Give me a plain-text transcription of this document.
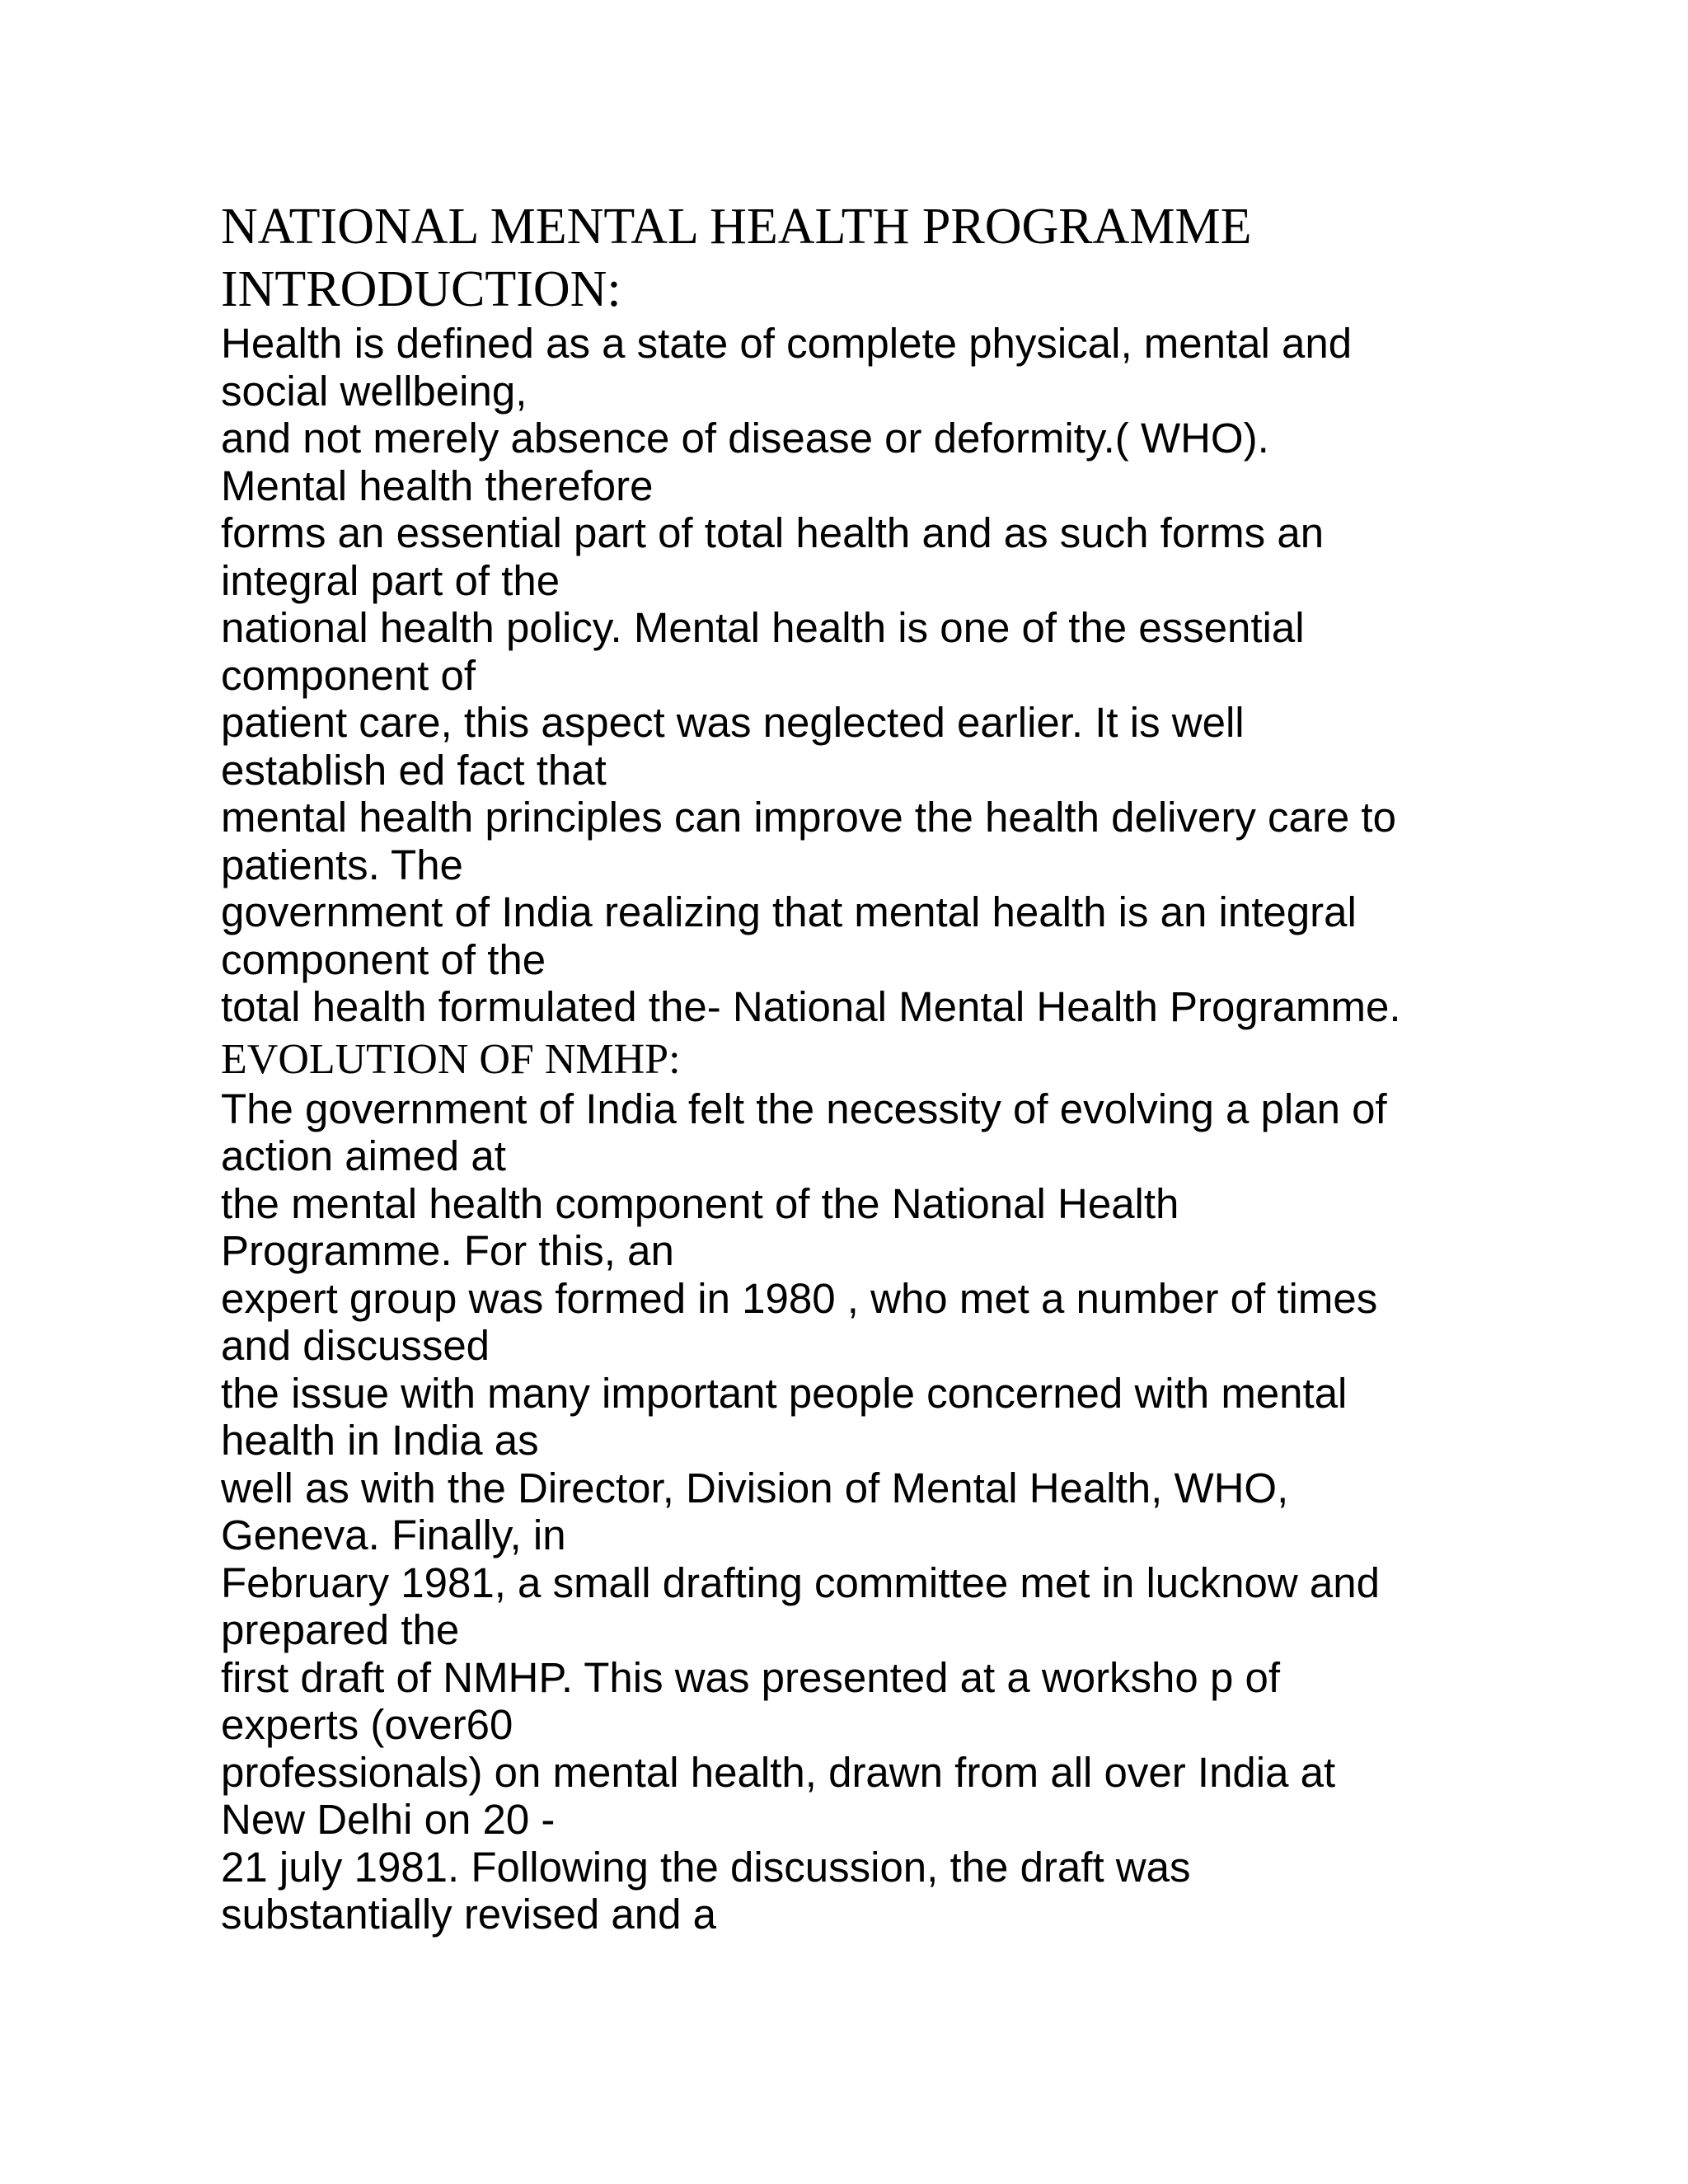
NATIONAL MENTAL HEALTH PROGRAMME
INTRODUCTION:

Health is defined as a state of complete physical, mental and

social wellbeing,

and not merely absence of disease or deformity.( WHO).

Mental health therefore

forms an essential part of total health and as such forms an

integral part of the

national health policy. Mental health is one of the essential

component of

patient care, this aspect was neglected earlier. It is well

establish ed fact that

mental health principles can improve the health delivery care to

patients. The

government of India realizing that mental health is an integral

component of the

total health formulated the- National Mental Health Programme.

EVOLUTION OF NMHP:

The government of India felt the necessity of evolving a plan of

action aimed at

the mental health component of the National Health

Programme. For this, an

expert group was formed in 1980 , who met a number of times

and discussed

the issue with many important people concerned with mental

health in India as

well as with the Director, Division of Mental Health, WHO,

Geneva. Finally, in

February 1981, a small drafting committee met in lucknow and

prepared the

first draft of NMHP. This was presented at a worksho p of

experts (over60

professionals) on mental health, drawn from all over India at

New Delhi on 20 -

21 july 1981. Following the discussion, the draft was

substantially revised and a
